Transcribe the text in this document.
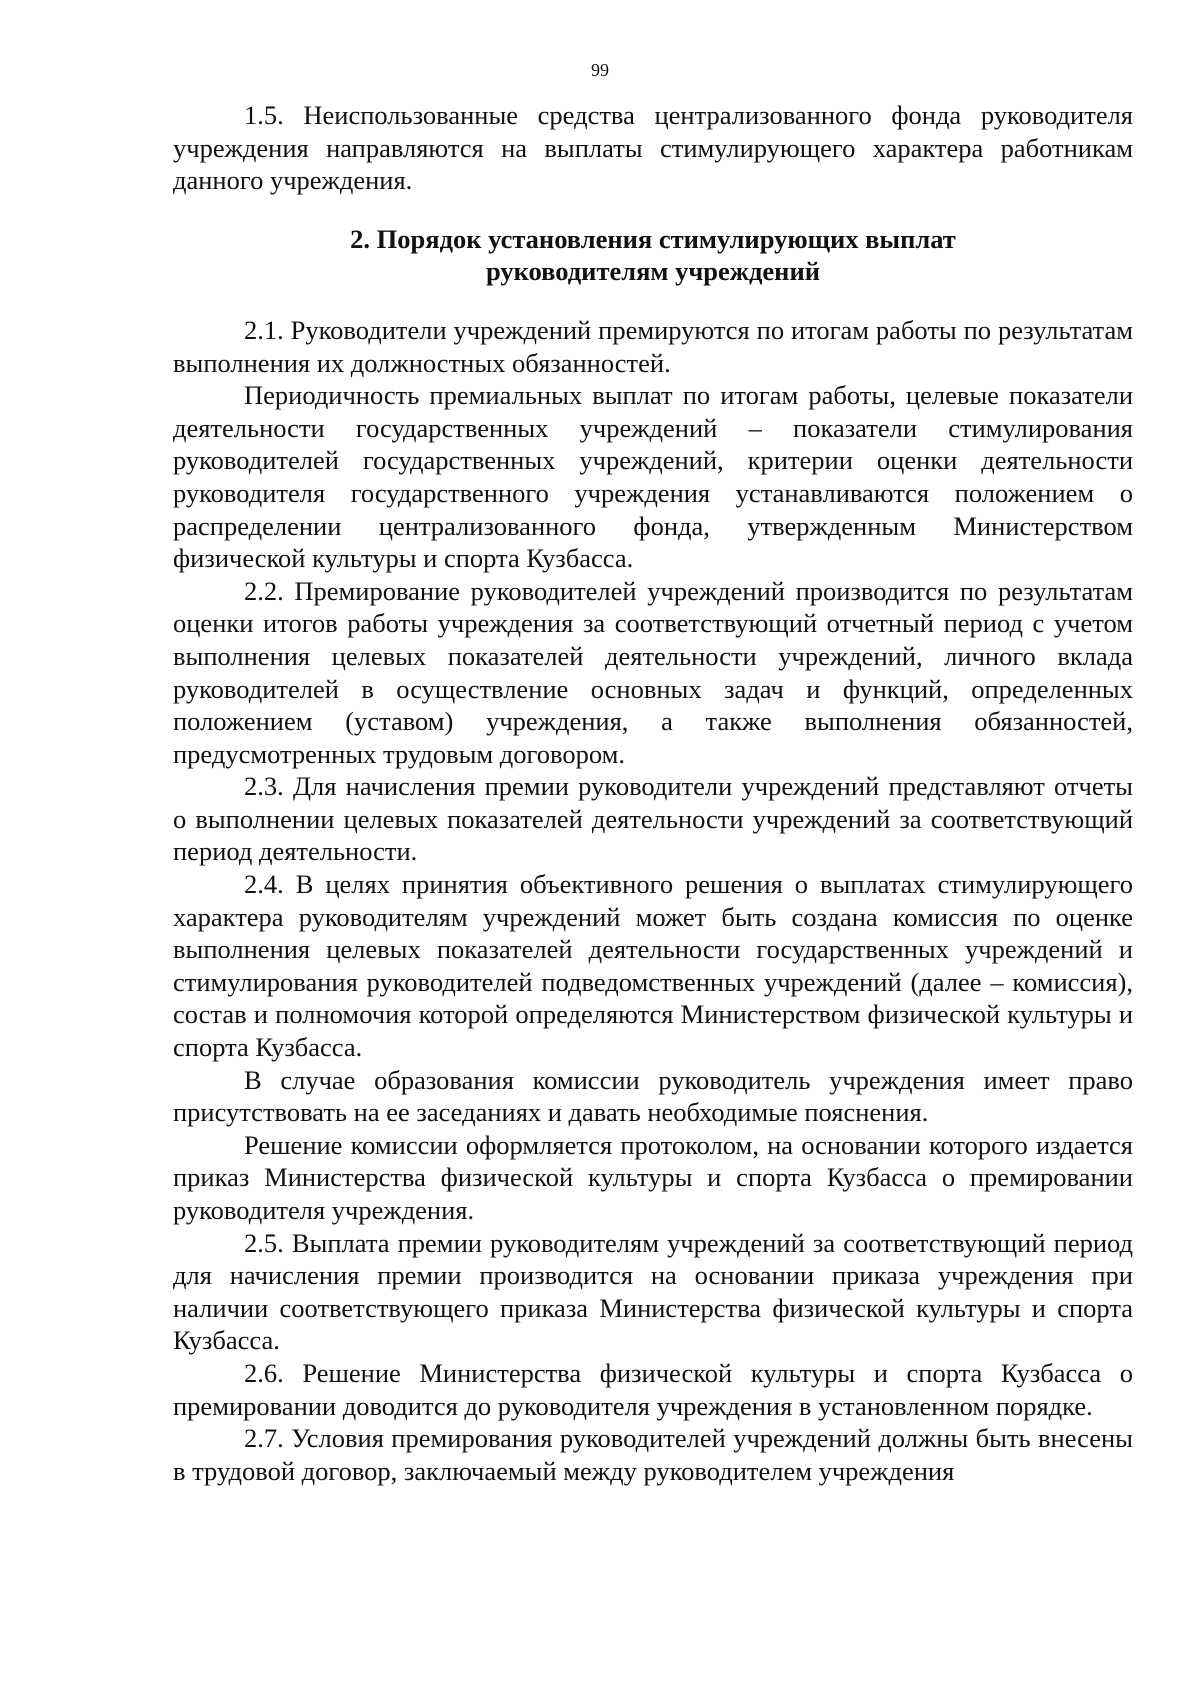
99

1.5. Неиспользованные средства централизованного фонда руководителя учреждения направляются на выплаты стимулирующего характера работникам данного учреждения.

2. Порядок установления стимулирующих выплат
руководителям учреждений

2.1. Руководители учреждений премируются по итогам работы по результатам выполнения их должностных обязанностей.

Периодичность премиальных выплат по итогам работы, целевые показатели деятельности государственных учреждений – показатели стимулирования руководителей государственных учреждений, критерии оценки деятельности руководителя государственного учреждения устанавливаются положением о распределении централизованного фонда, утвержденным Министерством физической культуры и спорта Кузбасса.

2.2. Премирование руководителей учреждений производится по результатам оценки итогов работы учреждения за соответствующий отчетный период с учетом выполнения целевых показателей деятельности учреждений, личного вклада руководителей в осуществление основных задач и функций, определенных положением (уставом) учреждения, а также выполнения обязанностей, предусмотренных трудовым договором.

2.3. Для начисления премии руководители учреждений представляют отчеты о выполнении целевых показателей деятельности учреждений за соответствующий период деятельности.

2.4. В целях принятия объективного решения о выплатах стимулирующего характера руководителям учреждений может быть создана комиссия по оценке выполнения целевых показателей деятельности государственных учреждений и стимулирования руководителей подведомственных учреждений (далее – комиссия), состав и полномочия которой определяются Министерством физической культуры и спорта Кузбасса.

В случае образования комиссии руководитель учреждения имеет право присутствовать на ее заседаниях и давать необходимые пояснения.

Решение комиссии оформляется протоколом, на основании которого издается приказ Министерства физической культуры и спорта Кузбасса о премировании руководителя учреждения.

2.5. Выплата премии руководителям учреждений за соответствующий период для начисления премии производится на основании приказа учреждения при наличии соответствующего приказа Министерства физической культуры и спорта Кузбасса.

2.6. Решение Министерства физической культуры и спорта Кузбасса о премировании доводится до руководителя учреждения в установленном порядке.

2.7. Условия премирования руководителей учреждений должны быть внесены в трудовой договор, заключаемый между руководителем учреждения
